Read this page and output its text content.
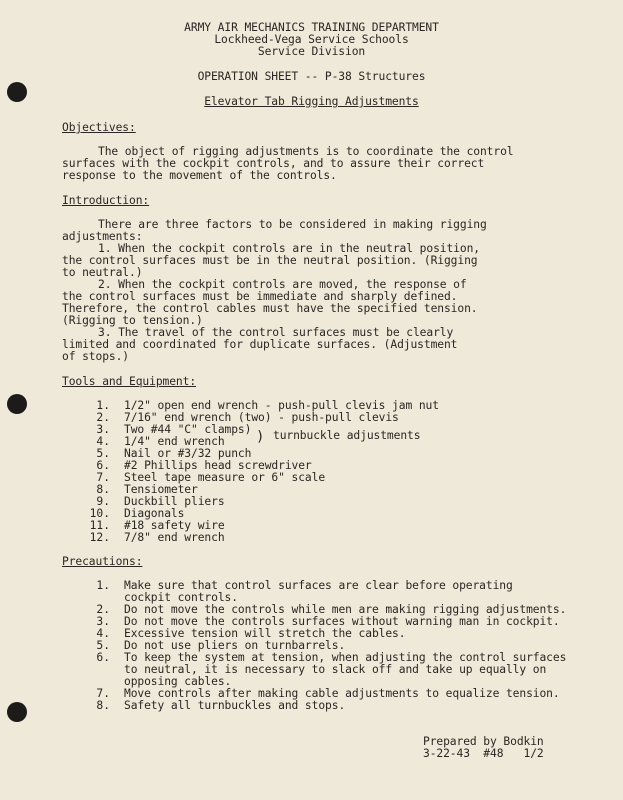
ARMY AIR MECHANICS TRAINING DEPARTMENT
Lockheed-Vega Service Schools
Service Division
OPERATION SHEET -- P-38 Structures
Elevator Tab Rigging Adjustments
Objectives:
The object of rigging adjustments is to coordinate the control
surfaces with the cockpit controls, and to assure their correct
response to the movement of the controls.
Introduction:
There are three factors to be considered in making rigging
adjustments:
1. When the cockpit controls are in the neutral position,
the control surfaces must be in the neutral position. (Rigging
to neutral.)
2. When the cockpit controls are moved, the response of
the control surfaces must be immediate and sharply defined.
Therefore, the control cables must have the specified tension.
(Rigging to tension.)
3. The travel of the control surfaces must be clearly
limited and coordinated for duplicate surfaces. (Adjustment
of stops.)
Tools and Equipment:
1. 1/2" open end wrench - push-pull clevis jam nut
2. 7/16" end wrench (two) - push-pull clevis
3. Two #44 "C" clamps)
4. 1/4" end wrench ) turnbuckle adjustments
5. Nail or #3/32 punch
6. #2 Phillips head screwdriver
7. Steel tape measure or 6" scale
8. Tensiometer
9. Duckbill pliers
10. Diagonals
11. #18 safety wire
12. 7/8" end wrench
Precautions:
1. Make sure that control surfaces are clear before operating
cockpit controls.
2. Do not move the controls while men are making rigging adjustments.
3. Do not move the controls surfaces without warning man in cockpit.
4. Excessive tension will stretch the cables.
5. Do not use pliers on turnbarrels.
6. To keep the system at tension, when adjusting the control surfaces
to neutral, it is necessary to slack off and take up equally on
opposing cables.
7. Move controls after making cable adjustments to equalize tension.
8. Safety all turnbuckles and stops.
Prepared by Bodkin
3-22-43  #48   1/2
